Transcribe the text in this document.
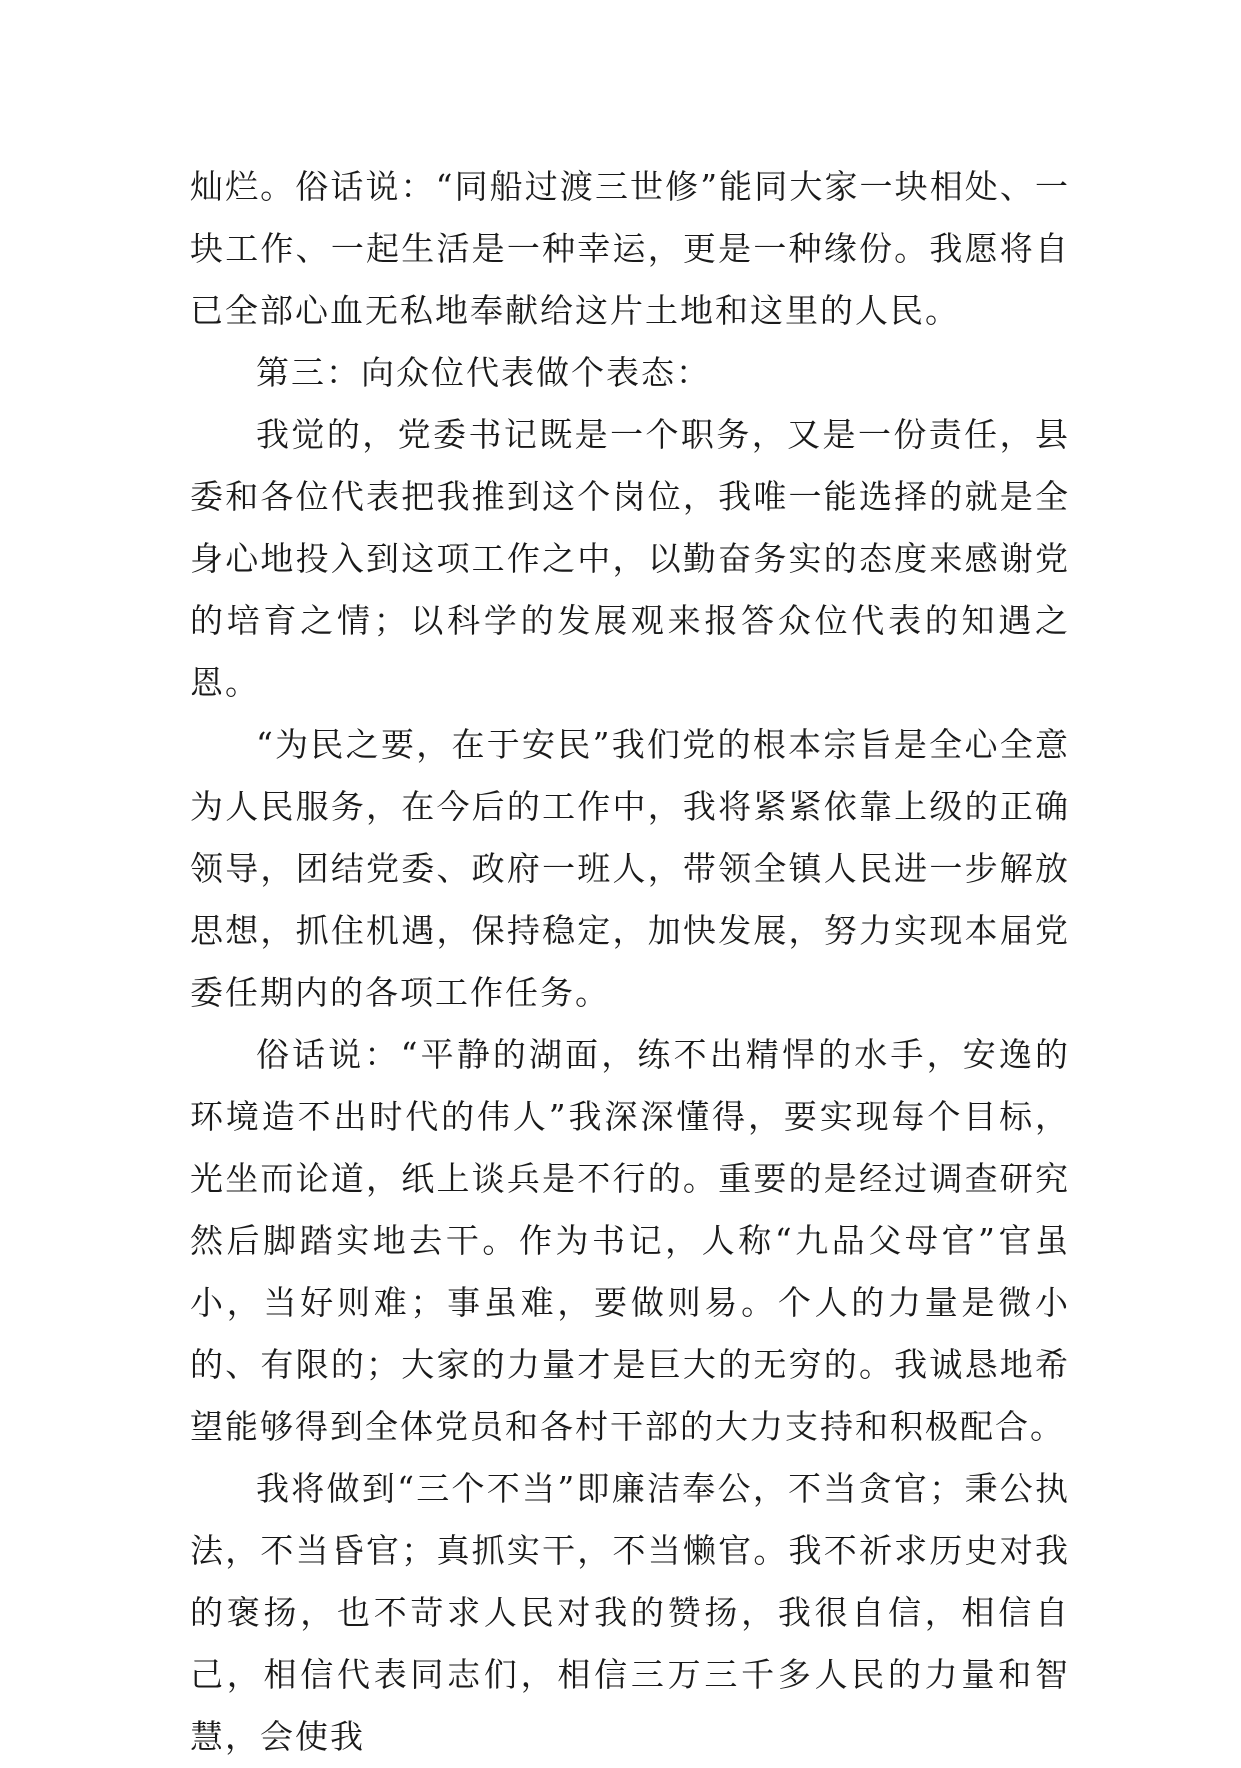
灿烂。俗话说：“同船过渡三世修”能同大家一块相处、一块工作、一起生活是一种幸运，更是一种缘份。我愿将自已全部心血无私地奉献给这片土地和这里的人民。

第三：向众位代表做个表态：

我觉的，党委书记既是一个职务，又是一份责任，县委和各位代表把我推到这个岗位，我唯一能选择的就是全身心地投入到这项工作之中，以勤奋务实的态度来感谢党的培育之情；以科学的发展观来报答众位代表的知遇之恩。

“为民之要，在于安民”我们党的根本宗旨是全心全意为人民服务，在今后的工作中，我将紧紧依靠上级的正确领导，团结党委、政府一班人，带领全镇人民进一步解放思想，抓住机遇，保持稳定，加快发展，努力实现本届党委任期内的各项工作任务。

俗话说：“平静的湖面，练不出精悍的水手，安逸的环境造不出时代的伟人”我深深懂得，要实现每个目标，光坐而论道，纸上谈兵是不行的。重要的是经过调查研究然后脚踏实地去干。作为书记，人称“九品父母官”官虽小，当好则难；事虽难，要做则易。个人的力量是微小的、有限的；大家的力量才是巨大的无穷的。我诚恳地希望能够得到全体党员和各村干部的大力支持和积极配合。

我将做到“三个不当”即廉洁奉公，不当贪官；秉公执法，不当昏官；真抓实干，不当懒官。我不祈求历史对我的褒扬，也不苛求人民对我的赞扬，我很自信，相信自己，相信代表同志们，相信三万三千多人民的力量和智慧，会使我
